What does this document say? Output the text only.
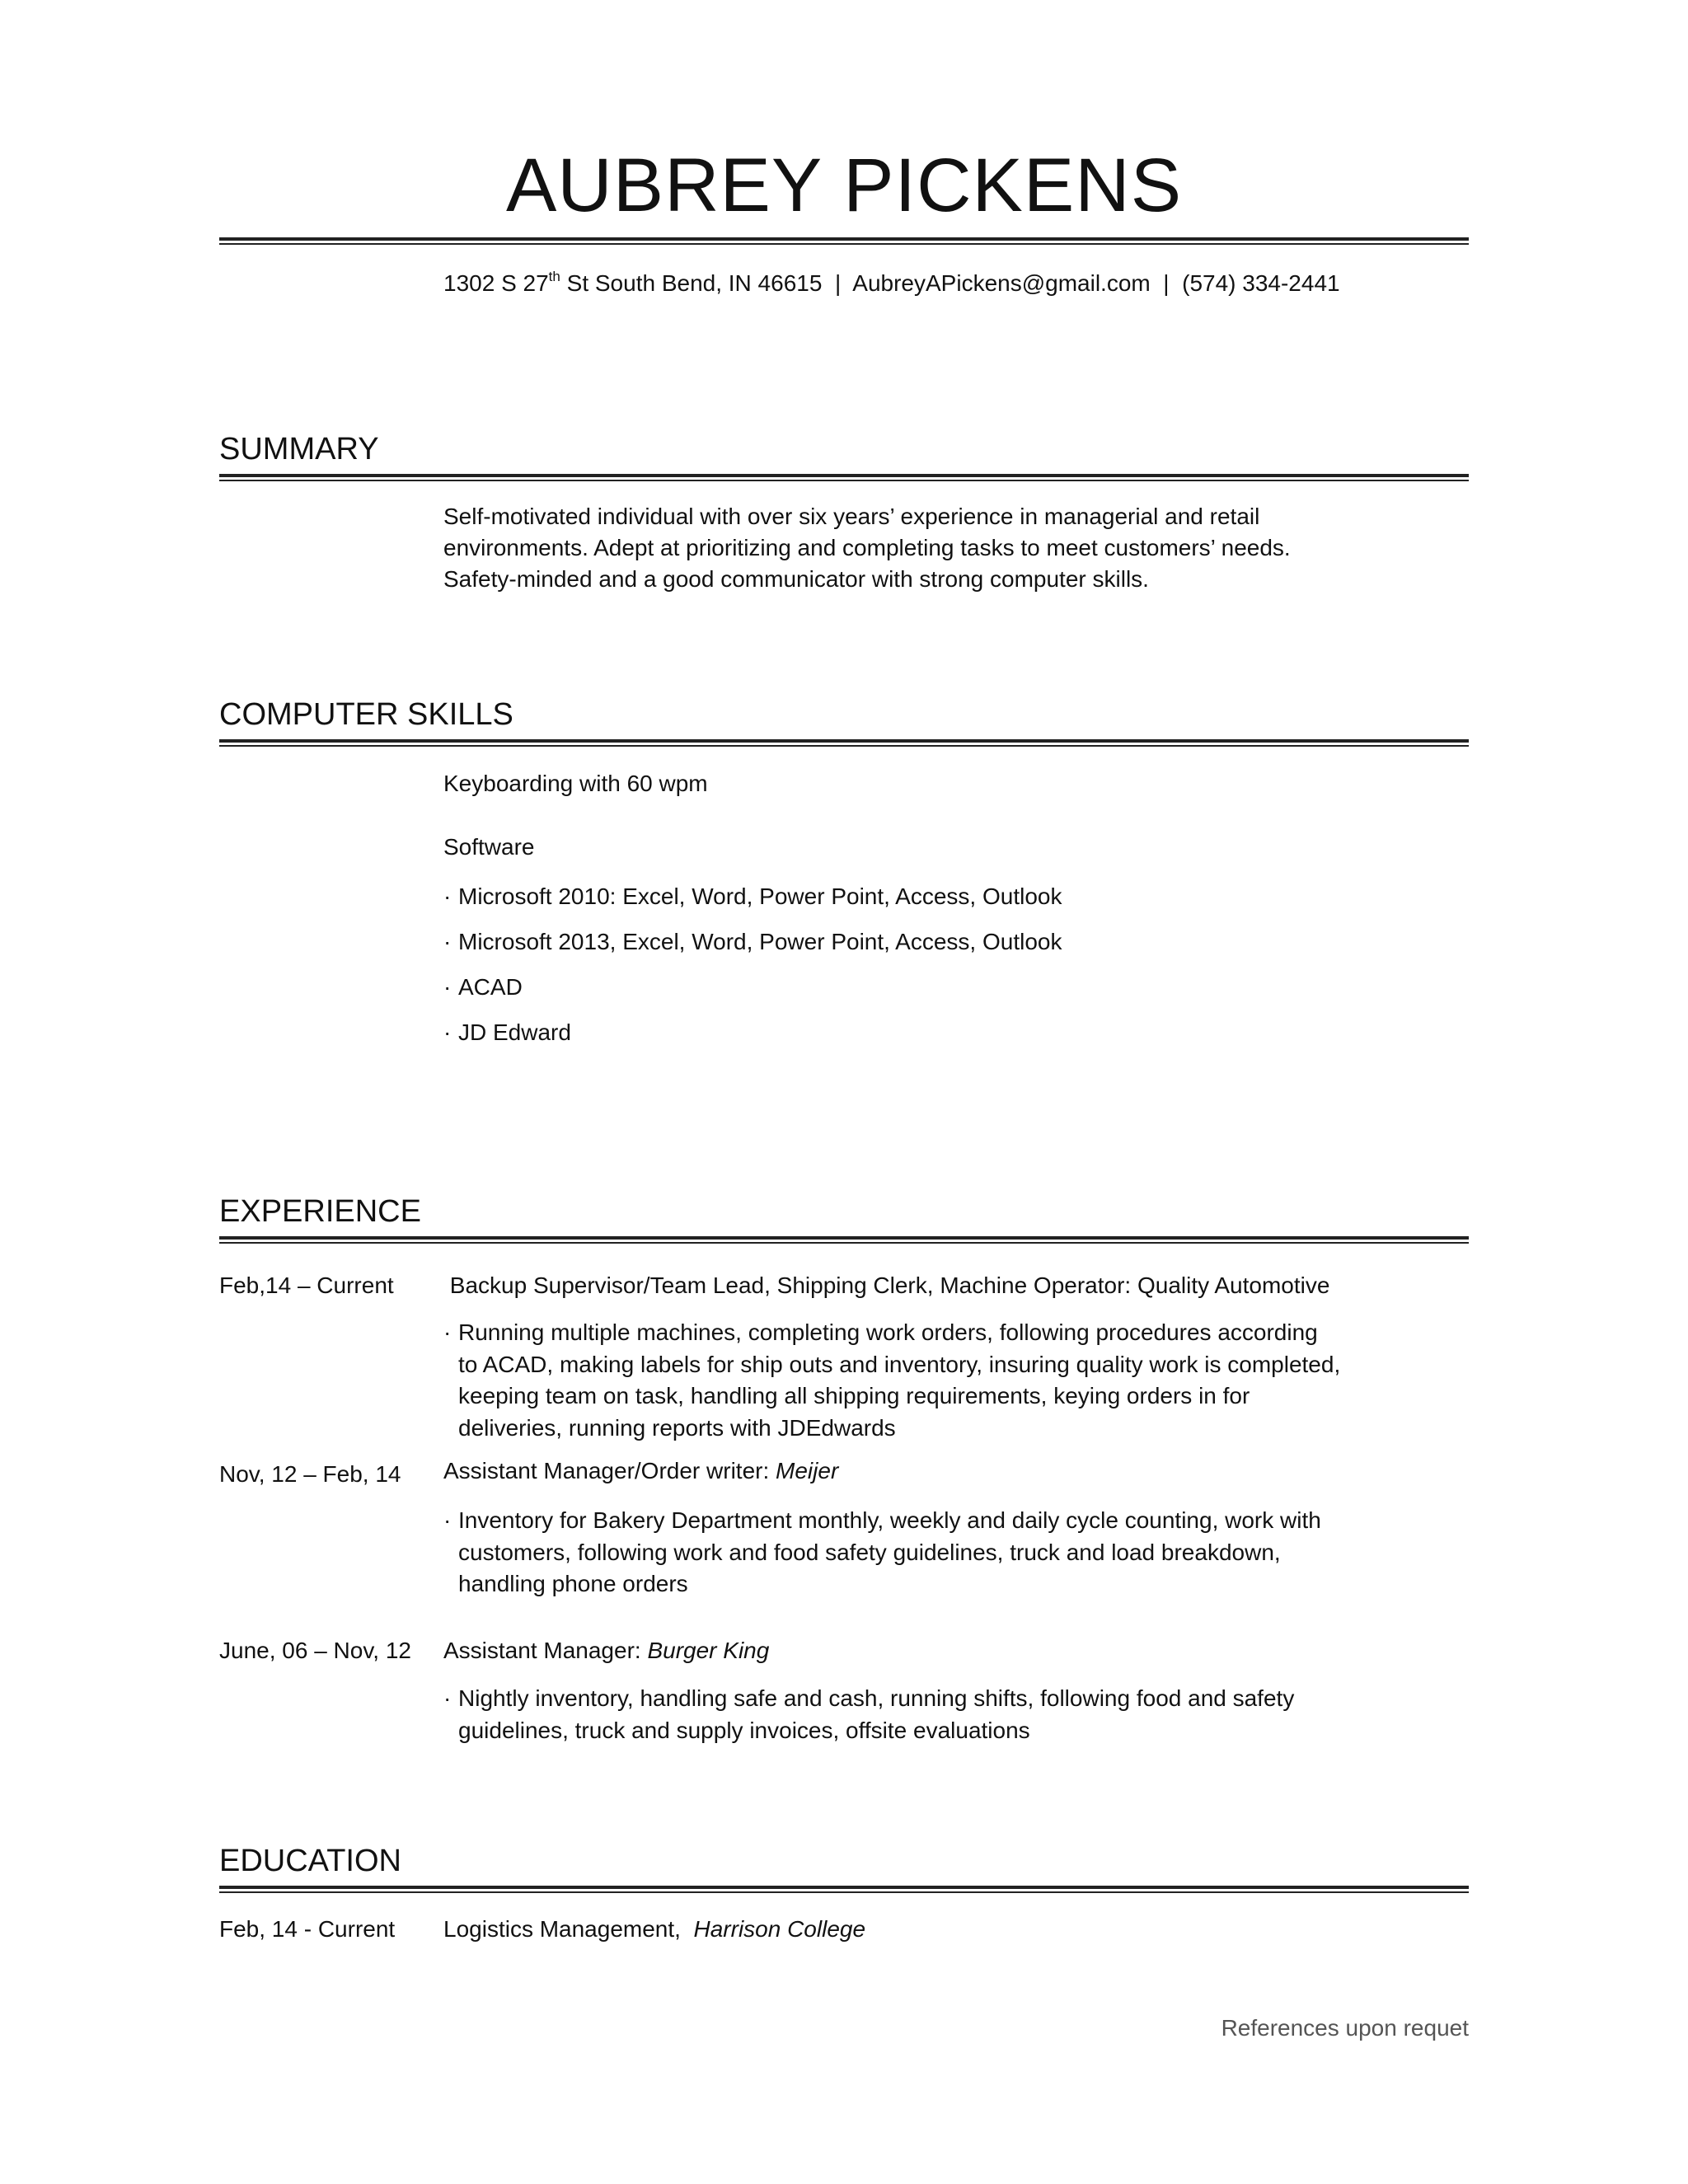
AUBREY PICKENS
1302 S 27th St South Bend, IN 46615  |  AubreyAPickens@gmail.com  |  (574) 334-2441
SUMMARY
Self-motivated individual with over six years’ experience in managerial and retail
environments. Adept at prioritizing and completing tasks to meet customers’ needs.
Safety-minded and a good communicator with strong computer skills.
COMPUTER SKILLS
Keyboarding with 60 wpm
Software
· Microsoft 2010: Excel, Word, Power Point, Access, Outlook
· Microsoft 2013, Excel, Word, Power Point, Access, Outlook
· ACAD
· JD Edward
EXPERIENCE
Feb,14 – Current Backup Supervisor/Team Lead, Shipping Clerk, Machine Operator: Quality Automotive
· Running multiple machines, completing work orders, following procedures according
to ACAD, making labels for ship outs and inventory, insuring quality work is completed,
keeping team on task, handling all shipping requirements, keying orders in for
deliveries, running reports with JDEdwards
Nov, 12 – Feb, 14 Assistant Manager/Order writer: Meijer
· Inventory for Bakery Department monthly, weekly and daily cycle counting, work with
customers, following work and food safety guidelines, truck and load breakdown,
handling phone orders
June, 06 – Nov, 12 Assistant Manager: Burger King
· Nightly inventory, handling safe and cash, running shifts, following food and safety
guidelines, truck and supply invoices, offsite evaluations
EDUCATION
Feb, 14 - Current Logistics Management,  Harrison College
References upon requet
